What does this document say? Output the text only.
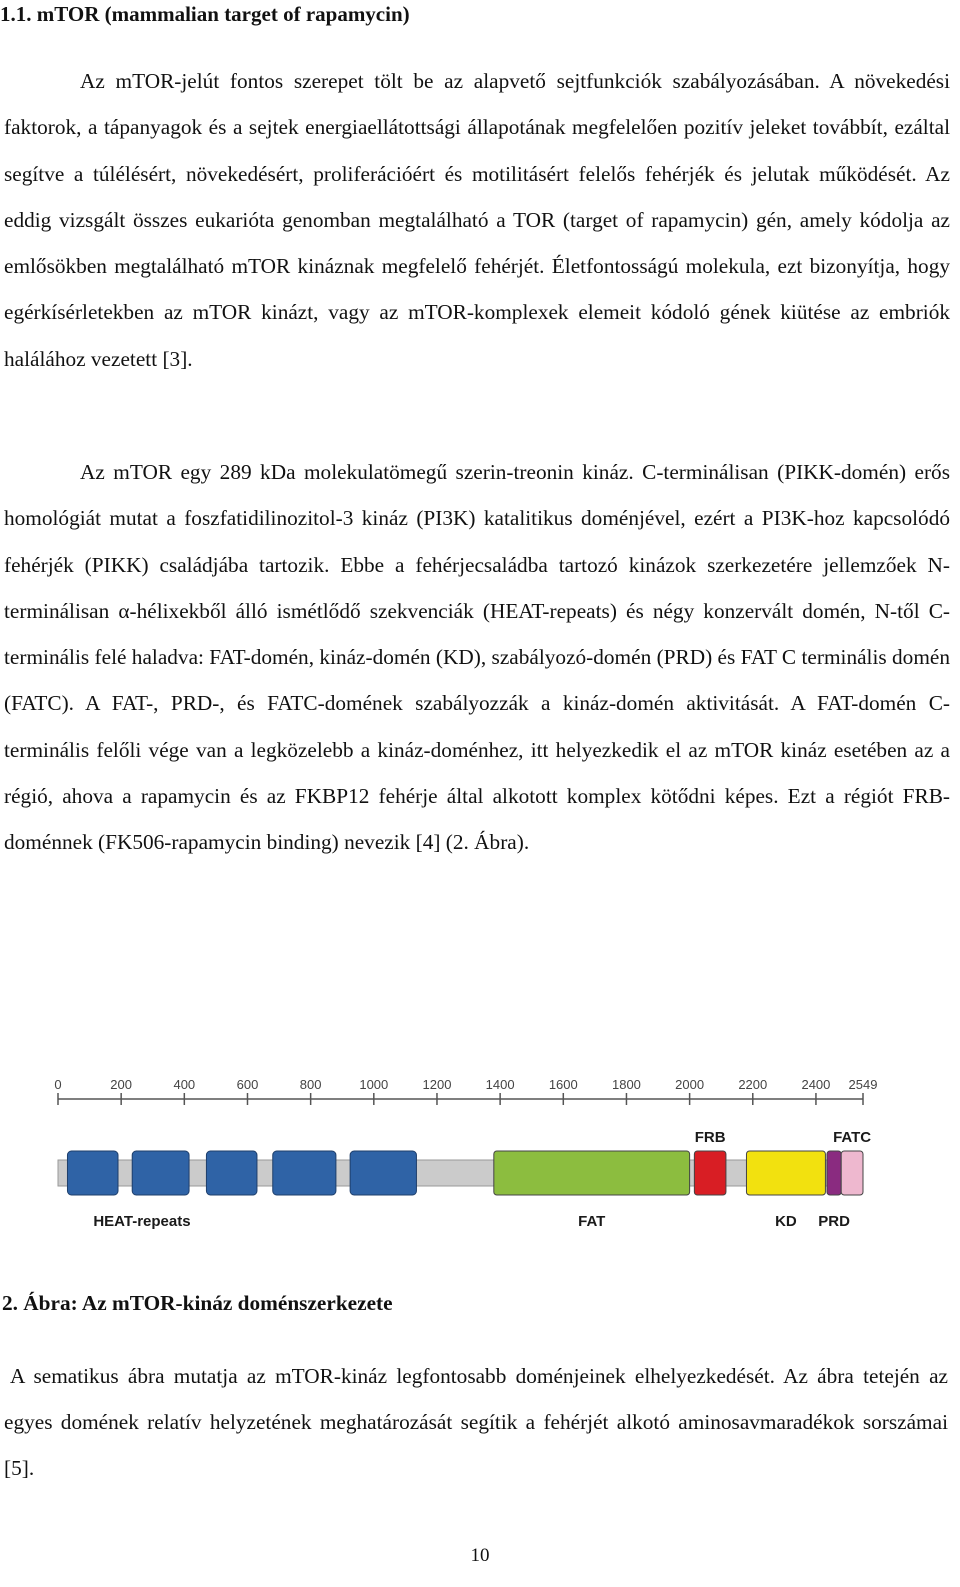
1.1. mTOR (mammalian target of rapamycin)

Az mTOR-jelút fontos szerepet tölt be az alapvető sejtfunkciók szabályozásában. A növekedési faktorok, a tápanyagok és a sejtek energiaellátottsági állapotának megfelelően pozitív jeleket továbbít, ezáltal segítve a túlélésért, növekedésért, proliferációért és motilitásért felelős fehérjék és jelutak működését. Az eddig vizsgált összes eukarióta genomban megtalálható a TOR (target of rapamycin) gén, amely kódolja az emlősökben megtalálható mTOR kináznak megfelelő fehérjét. Életfontosságú molekula, ezt bizonyítja, hogy egérkísérletekben az mTOR kinázt, vagy az mTOR-komplexek elemeit kódoló gének kiütése az embriók halálához vezetett [3].

Az mTOR egy 289 kDa molekulatömegű szerin-treonin kináz. C-terminálisan (PIKK-domén) erős homológiát mutat a foszfatidilinozitol-3 kináz (PI3K) katalitikus doménjével, ezért a PI3K-hoz kapcsolódó fehérjék (PIKK) családjába tartozik. Ebbe a fehérjecsaládba tartozó kinázok szerkezetére jellemzőek N-terminálisan α-hélixekből álló ismétlődő szekvenciák (HEAT-repeats) és négy konzervált domén, N-től C-terminális felé haladva: FAT-domén, kináz-domén (KD), szabályozó-domén (PRD) és FAT C terminális domén (FATC). A FAT-, PRD-, és FATC-domének szabályozzák a kináz-domén aktivitását. A FAT-domén C-terminális felőli vége van a legközelebb a kináz-doménhez, itt helyezkedik el az mTOR kináz esetében az a régió, ahova a rapamycin és az FKBP12 fehérje által alkotott komplex kötődni képes. Ezt a régiót FRB-doménnek (FK506-rapamycin binding) nevezik [4] (2. Ábra).

0	200	400	600	800	1000	1200	1400	1600	1800	2000	2200	2400 2549
FAT
FRB
KD PRD
FATC
HEAT-repeats
2. Ábra: Az mTOR-kináz doménszerkezete

A sematikus ábra mutatja az mTOR-kináz legfontosabb doménjeinek elhelyezkedését. Az ábra tetején az egyes domének relatív helyzetének meghatározását segítik a fehérjét alkotó aminosavmaradékok sorszámai [5].

10
